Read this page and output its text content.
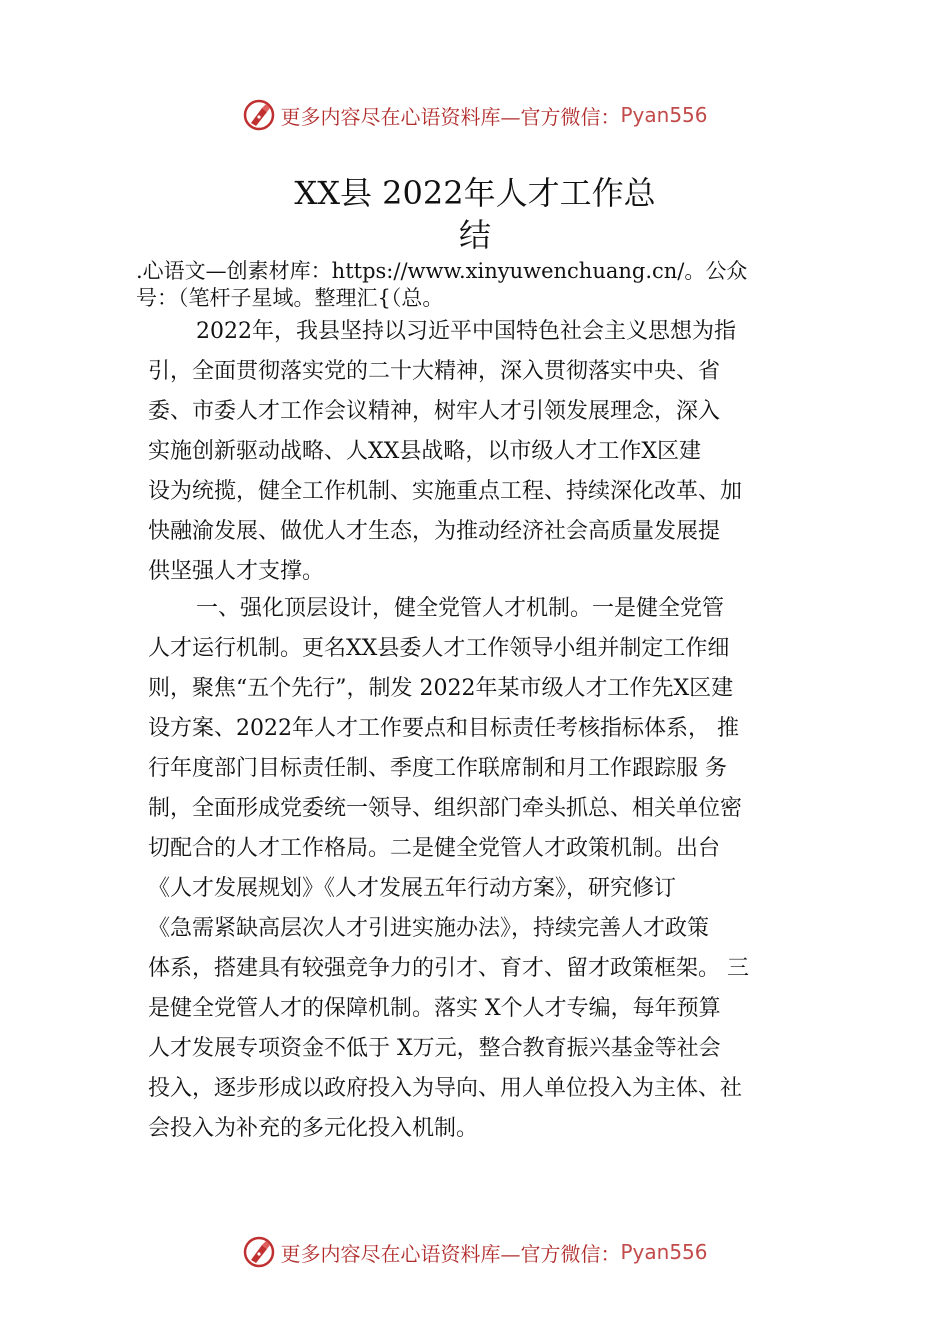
更多内容尽在心语资料库—官方微信： Pyan556
XX县 2022年人才工作总
结
.心语文—创素材库：https://www.xinyuwenchuang.cn/。公众
号：（笔杆子星域。整理汇{（总。
2022年，我县坚持以习近平中国特色社会主义思想为指
引，全面贯彻落实党的二十大精神，深入贯彻落实中央、省
委、市委人才工作会议精神，树牢人才引领发展理念，深入
实施创新驱动战略、人XX县战略，以市级人才工作X区建
设为统揽，健全工作机制、实施重点工程、持续深化改革、加
快融渝发展、做优人才生态，为推动经济社会高质量发展提
供坚强人才支撑。
一、强化顶层设计，健全党管人才机制。一是健全党管
人才运行机制。更名XX县委人才工作领导小组并制定工作细
则，聚焦“五个先行”，制发 2022年某市级人才工作先X区建
设方案、2022年人才工作要点和目标责任考核指标体系， 推
行年度部门目标责任制、季度工作联席制和月工作跟踪服 务
制，全面形成党委统一领导、组织部门牵头抓总、相关单位密
切配合的人才工作格局。二是健全党管人才政策机制。出台
《人才发展规划》《人才发展五年行动方案》，研究修订
《急需紧缺高层次人才引进实施办法》，持续完善人才政策
体系，搭建具有较强竞争力的引才、育才、留才政策框架。 三
是健全党管人才的保障机制。落实 X个人才专编，每年预算
人才发展专项资金不低于 X万元，整合教育振兴基金等社会
投入，逐步形成以政府投入为导向、用人单位投入为主体、社
会投入为补充的多元化投入机制。
更多内容尽在心语资料库—官方微信： Pyan556
